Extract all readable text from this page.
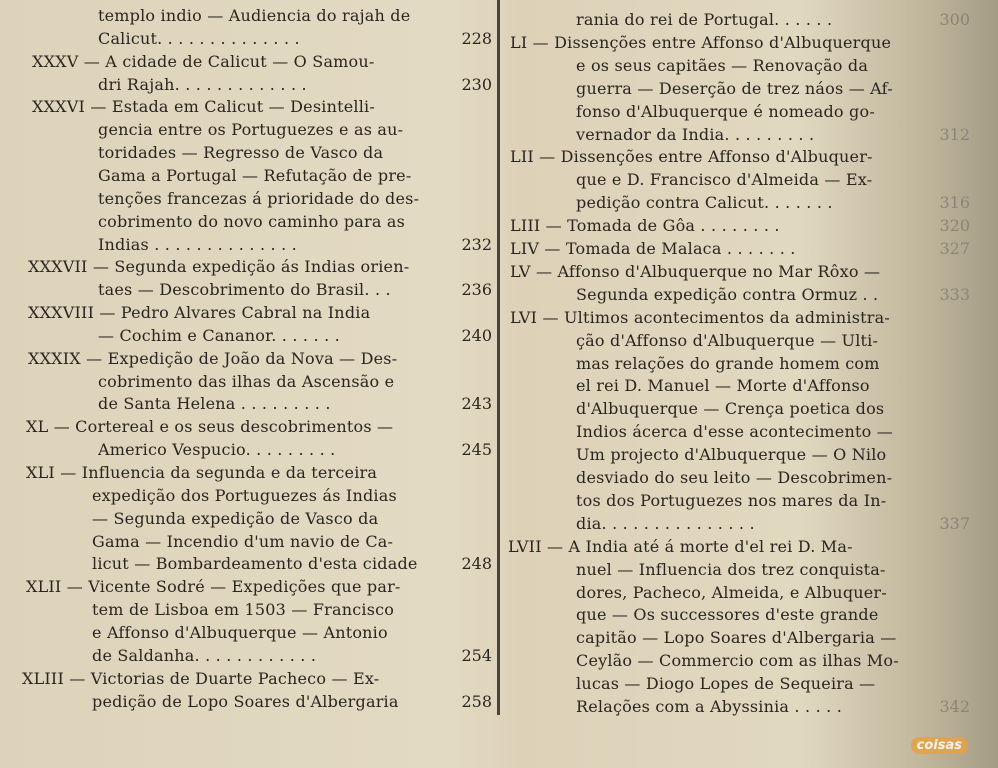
templo indio — Audiencia do rajah de
Calicut. . . . . . . . . . . . . .	228
XXXV — A cidade de Calicut — O Samou-
dri Rajah. . . . . . . . . . . . .	230
XXXVI — Estada em Calicut — Desintelli-
gencia entre os Portuguezes e as au-
toridades — Regresso de Vasco da
Gama a Portugal — Refutação de pre-
tenções francezas á prioridade do des-
cobrimento do novo caminho para as
Indias . . . . . . . . . . . . . .	232
XXXVII — Segunda expedição ás Indias orien-
taes — Descobrimento do Brasil. . .	236
XXXVIII — Pedro Alvares Cabral na India
— Cochim e Cananor. . . . . . .	240
XXXIX — Expedição de João da Nova — Des-
cobrimento das ilhas da Ascensão e
de Santa Helena . . . . . . . . .	243
XL — Cortereal e os seus descobrimentos —
Americo Vespucio. . . . . . . . .	245
XLI — Influencia da segunda e da terceira
expedição dos Portuguezes ás Indias
— Segunda expedição de Vasco da
Gama — Incendio d'um navio de Ca-
licut — Bombardeamento d'esta cidade	248
XLII — Vicente Sodré — Expedições que par-
tem de Lisboa em 1503 — Francisco
e Affonso d'Albuquerque — Antonio
de Saldanha. . . . . . . . . . . .	254
XLIII — Victorias de Duarte Pacheco — Ex-
pedição de Lopo Soares d'Albergaria	258
rania do rei de Portugal. . . . . .	300
LI — Dissenções entre Affonso d'Albuquerque
e os seus capitães — Renovação da
guerra — Deserção de trez náos — Af-
fonso d'Albuquerque é nomeado go-
vernador da India. . . . . . . . .	312
LII — Dissenções entre Affonso d'Albuquer-
que e D. Francisco d'Almeida — Ex-
pedição contra Calicut. . . . . . .	316
LIII — Tomada de Gôa . . . . . . . .	320
LIV — Tomada de Malaca . . . . . . .	327
LV — Affonso d'Albuquerque no Mar Rôxo —
Segunda expedição contra Ormuz . .	333
LVI — Ultimos acontecimentos da administra-
ção d'Affonso d'Albuquerque — Ulti-
mas relações do grande homem com
el rei D. Manuel — Morte d'Affonso
d'Albuquerque — Crença poetica dos
Indios ácerca d'esse acontecimento —
Um projecto d'Albuquerque — O Nilo
desviado do seu leito — Descobrimen-
tos dos Portuguezes nos mares da In-
dia. . . . . . . . . . . . . . .	337
LVII — A India até á morte d'el rei D. Ma-
nuel — Influencia dos trez conquista-
dores, Pacheco, Almeida, e Albuquer-
que — Os successores d'este grande
capitão — Lopo Soares d'Albergaria —
Ceylão — Commercio com as ilhas Mo-
lucas — Diogo Lopes de Sequeira —
Relações com a Abyssinia . . . . .	342
coisas
